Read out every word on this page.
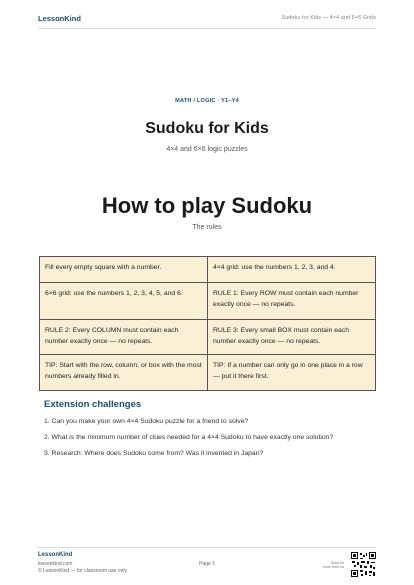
LessonKind	Sudoku for Kids — 4×4 and 6×6 Grids
MATH / LOGIC · Y1–Y4
Sudoku for Kids
4×4 and 6×6 logic puzzles
How to play Sudoku
The rules
Fill every empty square with a number.	4×4 grid: use the numbers 1, 2, 3, and 4.
6×6 grid: use the numbers 1, 2, 3, 4, 5, and 6.	RULE 1: Every ROW must contain each number exactly once — no repeats.
RULE 2: Every COLUMN must contain each number exactly once — no repeats.	RULE 3: Every small BOX must contain each number exactly once — no repeats.
TIP: Start with the row, column, or box with the most numbers already filled in.	TIP: If a number can only go in one place in a row — put it there first.
Extension challenges
1. Can you make your own 4×4 Sudoku puzzle for a friend to solve?
2. What is the minimum number of clues needed for a 4×4 Sudoku to have exactly one solution?
3. Research: Where does Sudoku come from? Was it invented in Japan?
LessonKind
lessonkind.com
© LessonKind — for classroom use only
Page 1	Scan for
more from us
